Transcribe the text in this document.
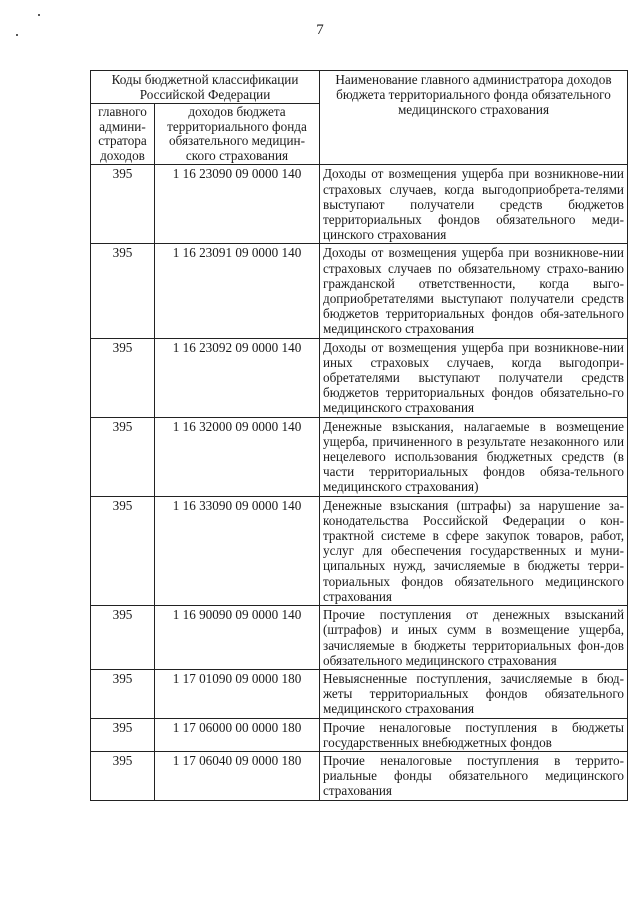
7
Коды бюджетной классификации Российской Федерации		Наименование главного администратора доходов бюджета территориального фонда обязательного медицинского страхования
главного админи-стратора доходов	доходов бюджета территориального фонда обязательного медицин-ского страхования	
395	1 16 23090 09 0000 140	Доходы от возмещения ущерба при возникнове-нии страховых случаев, когда выгодоприобрета-телями выступают получатели средств бюджетов территориальных фондов обязательного меди-цинского страхования
395	1 16 23091 09 0000 140	Доходы от возмещения ущерба при возникнове-нии страховых случаев по обязательному страхо-ванию гражданской ответственности, когда выго-доприобретателями выступают получатели средств бюджетов территориальных фондов обя-зательного медицинского страхования
395	1 16 23092 09 0000 140	Доходы от возмещения ущерба при возникнове-нии иных страховых случаев, когда выгодопри-обретателями выступают получатели средств бюджетов территориальных фондов обязательно-го медицинского страхования
395	1 16 32000 09 0000 140	Денежные взыскания, налагаемые в возмещение ущерба, причиненного в результате незаконного или нецелевого использования бюджетных средств (в части территориальных фондов обяза-тельного медицинского страхования)
395	1 16 33090 09 0000 140	Денежные взыскания (штрафы) за нарушение за-конодательства Российской Федерации о кон-трактной системе в сфере закупок товаров, работ, услуг для обеспечения государственных и муни-ципальных нужд, зачисляемые в бюджеты терри-ториальных фондов обязательного медицинского страхования
395	1 16 90090 09 0000 140	Прочие поступления от денежных взысканий (штрафов) и иных сумм в возмещение ущерба, зачисляемые в бюджеты территориальных фон-дов обязательного медицинского страхования
395	1 17 01090 09 0000 180	Невыясненные поступления, зачисляемые в бюд-жеты территориальных фондов обязательного медицинского страхования
395	1 17 06000 00 0000 180	Прочие неналоговые поступления в бюджеты государственных внебюджетных фондов
395	1 17 06040 09 0000 180	Прочие неналоговые поступления в террито-риальные фонды обязательного медицинского страхования
